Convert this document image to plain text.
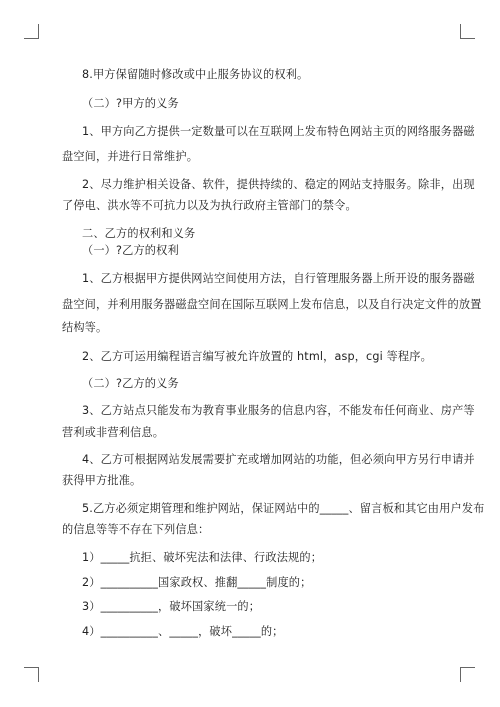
8.甲方保留随时修改或中止服务协议的权利。
（二）?甲方的义务
1、甲方向乙方提供一定数量可以在互联网上发布特色网站主页的网络服务器磁
盘空间，并进行日常维护。
2、尽力维护相关设备、软件，提供持续的、稳定的网站支持服务。除非，出现
了停电、洪水等不可抗力以及为执行政府主管部门的禁令。
二、乙方的权利和义务
（一）?乙方的权利
1、乙方根据甲方提供网站空间使用方法，自行管理服务器上所开设的服务器磁
盘空间，并利用服务器磁盘空间在国际互联网上发布信息，以及自行决定文件的放置
结构等。
2、乙方可运用编程语言编写被允许放置的 html，asp，cgi 等程序。
（二）?乙方的义务
3、乙方站点只能发布为教育事业服务的信息内容，不能发布任何商业、房产等
营利或非营利信息。
4、乙方可根据网站发展需要扩充或增加网站的功能，但必须向甲方另行申请并
获得甲方批准。
5.乙方必须定期管理和维护网站，保证网站中的_____、留言板和其它由用户发布
的信息等等不存在下列信息：
1）_____抗拒、破坏宪法和法律、行政法规的；
2）__________国家政权、推翻_____制度的；
3）__________，破坏国家统一的；
4）__________、_____，破坏_____的；
